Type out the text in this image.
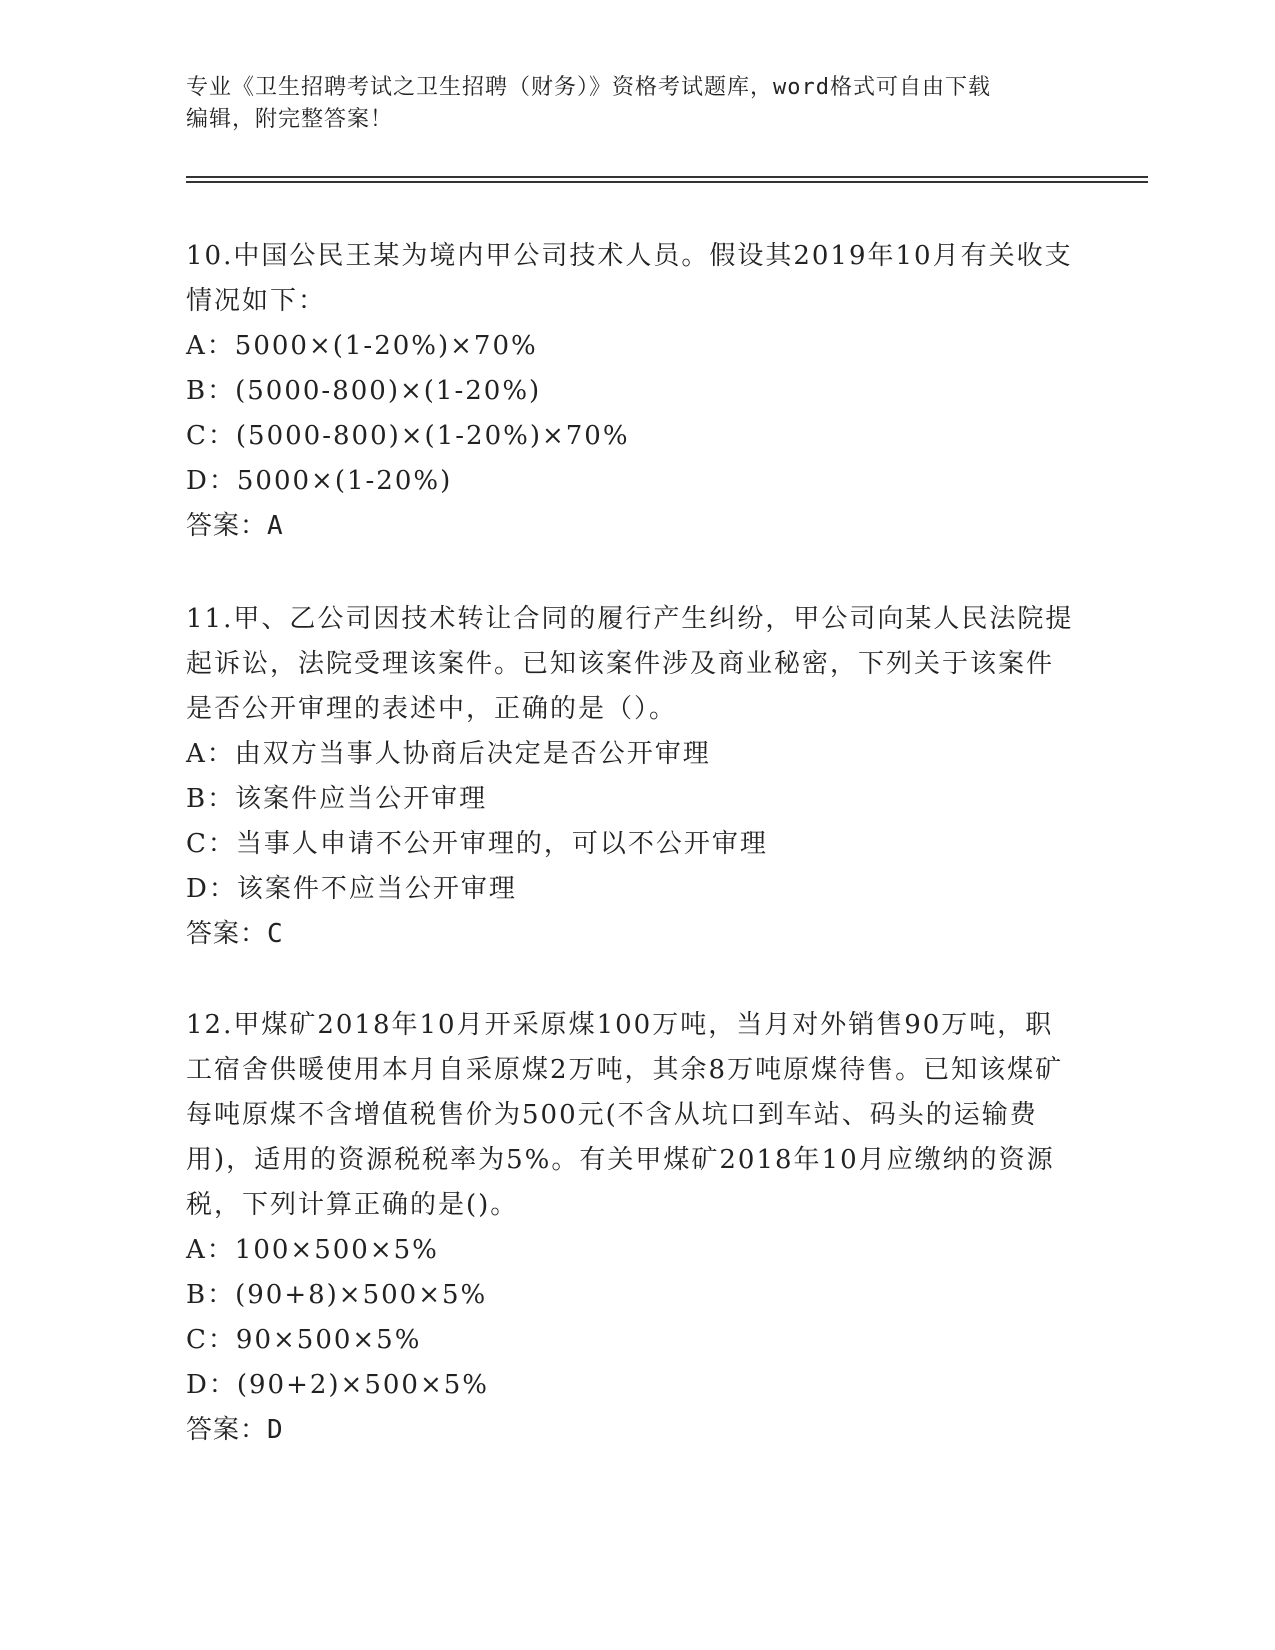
专业《卫生招聘考试之卫生招聘（财务）》资格考试题库，word格式可自由下载
编辑，附完整答案！

10.中国公民王某为境内甲公司技术人员。假设其2019年10月有关收支情况如下：

A：5000×(1-20%)×70%

B：(5000-800)×(1-20%)

C：(5000-800)×(1-20%)×70%

D：5000×(1-20%)

答案：A

11.甲、乙公司因技术转让合同的履行产生纠纷，甲公司向某人民法院提起诉讼，法院受理该案件。已知该案件涉及商业秘密，下列关于该案件是否公开审理的表述中，正确的是（）。

A：由双方当事人协商后决定是否公开审理

B：该案件应当公开审理

C：当事人申请不公开审理的，可以不公开审理

D：该案件不应当公开审理

答案：C

12.甲煤矿2018年10月开采原煤100万吨，当月对外销售90万吨，职工宿舍供暖使用本月自采原煤2万吨，其余8万吨原煤待售。已知该煤矿每吨原煤不含增值税售价为500元(不含从坑口到车站、码头的运输费用)，适用的资源税税率为5%。有关甲煤矿2018年10月应缴纳的资源税，下列计算正确的是()。

A：100×500×5%

B：(90+8)×500×5%

C：90×500×5%

D：(90+2)×500×5%

答案：D
